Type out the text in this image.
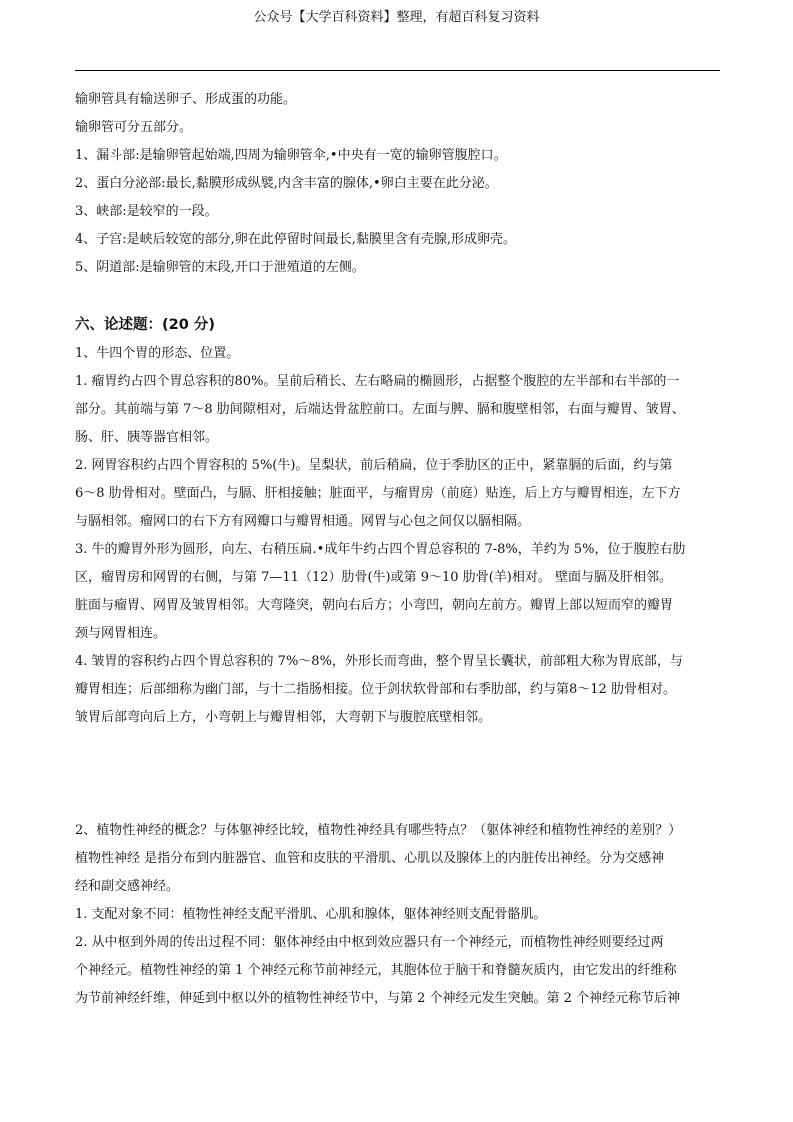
公众号【大学百科资料】整理，有超百科复习资料
输卵管具有输送卵子、形成蛋的功能。
输卵管可分五部分。
1、漏斗部:是输卵管起始端,四周为输卵管伞,•中央有一宽的输卵管腹腔口。
2、蛋白分泌部:最长,黏膜形成纵襞,内含丰富的腺体,•卵白主要在此分泌。
3、峡部:是较窄的一段。
4、子宫:是峡后较宽的部分,卵在此停留时间最长,黏膜里含有壳腺,形成卵壳。
5、阴道部:是输卵管的末段,开口于泄殖道的左侧。
六、论述题：(20 分)
1、牛四个胃的形态、位置。
1. 瘤胃约占四个胃总容积的80%。呈前后稍长、左右略扁的椭圆形，占据整个腹腔的左半部和右半部的一
部分。其前端与第 7～8 肋间隙相对，后端达骨盆腔前口。左面与脾、膈和腹壁相邻，右面与瓣胃、皱胃、
肠、肝、胰等器官相邻。
2. 网胃容积约占四个胃容积的 5%(牛)。呈梨状，前后稍扁，位于季肋区的正中，紧靠膈的后面，约与第
6～8 肋骨相对。壁面凸，与膈、肝相接触；脏面平，与瘤胃房（前庭）贴连，后上方与瓣胃相连，左下方
与膈相邻。瘤网口的右下方有网瓣口与瓣胃相通。网胃与心包之间仅以膈相隔。
3. 牛的瓣胃外形为圆形，向左、右稍压扁.•成年牛约占四个胃总容积的 7-8%，羊约为 5%，位于腹腔右肋
区，瘤胃房和网胃的右侧，与第 7—11（12）肋骨(牛)或第 9～10 肋骨(羊)相对。 壁面与膈及肝相邻。
脏面与瘤胃、网胃及皱胃相邻。大弯隆突，朝向右后方；小弯凹，朝向左前方。瓣胃上部以短而窄的瓣胃
颈与网胃相连。
4. 皱胃的容积约占四个胃总容积的 7%～8%，外形长而弯曲，整个胃呈长囊状，前部粗大称为胃底部，与
瓣胃相连；后部细称为幽门部，与十二指肠相接。位于剑状软骨部和右季肋部，约与第8～12 肋骨相对。
皱胃后部弯向后上方，小弯朝上与瓣胃相邻，大弯朝下与腹腔底壁相邻。
2、植物性神经的概念？与体躯神经比较，植物性神经具有哪些特点？（躯体神经和植物性神经的差别？）
植物性神经 是指分布到内脏器官、血管和皮肤的平滑肌、心肌以及腺体上的内脏传出神经。分为交感神
经和副交感神经。
1. 支配对象不同：植物性神经支配平滑肌、心肌和腺体，躯体神经则支配骨骼肌。
2. 从中枢到外周的传出过程不同：躯体神经由中枢到效应器只有一个神经元，而植物性神经则要经过两
个神经元。植物性神经的第 1 个神经元称节前神经元，其胞体位于脑干和脊髓灰质内，由它发出的纤维称
为节前神经纤维，伸延到中枢以外的植物性神经节中，与第 2 个神经元发生突触。第 2 个神经元称节后神
